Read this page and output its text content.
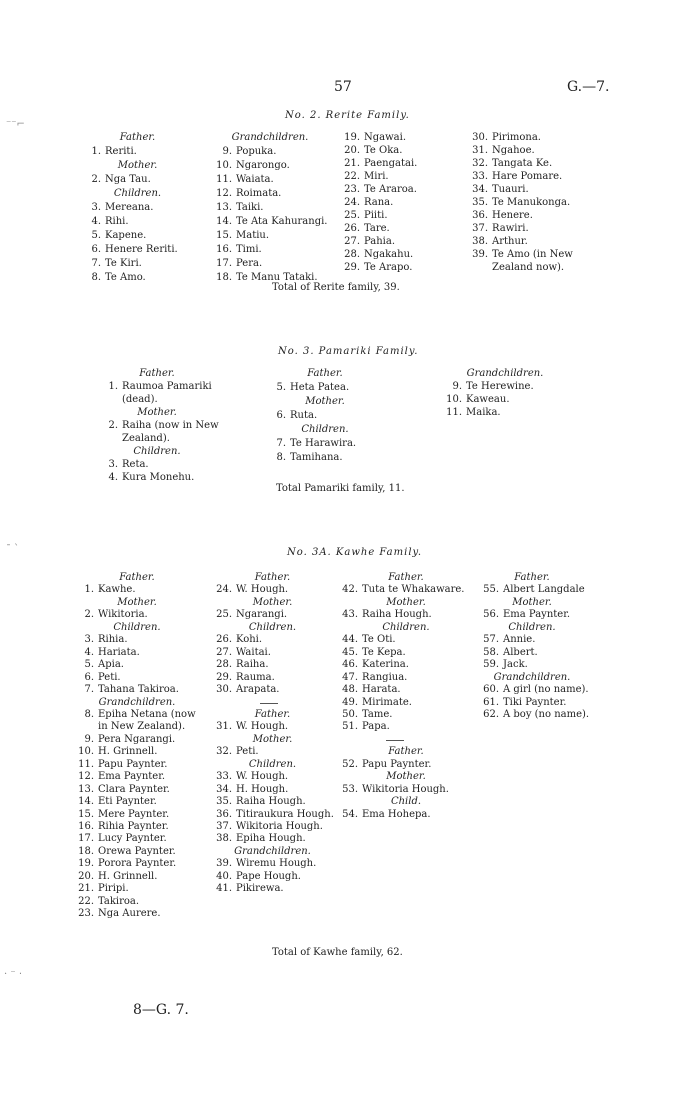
57	G.—7.
⁻⁻⌐
ˉ ˋ
· ⁻ ‧
No. 2. Rerite Family.
Father.
1. Reriti.
Mother.
2. Nga Tau.
Children.
3. Mereana.
4. Rihi.
5. Kapene.
6. Henere Reriti.
7. Te Kiri.
8. Te Amo.
Grandchildren.
9. Popuka.
10. Ngarongo.
11. Waiata.
12. Roimata.
13. Taiki.
14. Te Ata Kahurangi.
15. Matiu.
16. Timi.
17. Pera.
18. Te Manu Tataki.
19. Ngawai.
20. Te Oka.
21. Paengatai.
22. Miri.
23. Te Araroa.
24. Rana.
25. Piiti.
26. Tare.
27. Pahia.
28. Ngakahu.
29. Te Arapo.
30. Pirimona.
31. Ngahoe.
32. Tangata Ke.
33. Hare Pomare.
34. Tuauri.
35. Te Manukonga.
36. Henere.
37. Rawiri.
38. Arthur.
39. Te Amo (in New
Zealand now).
Total of Rerite family, 39.
No. 3. Pamariki Family.
Father.
1. Raumoa Pamariki
(dead).
Mother.
2. Raiha (now in New
Zealand).
Children.
3. Reta.
4. Kura Monehu.
Father.
5. Heta Patea.
Mother.
6. Ruta.
Children.
7. Te Harawira.
8. Tamihana.
Grandchildren.
9. Te Herewine.
10. Kaweau.
11. Maika.
Total Pamariki family, 11.
No. 3A. Kawhe Family.
Father.
1. Kawhe.
Mother.
2. Wikitoria.
Children.
3. Rihia.
4. Hariata.
5. Apia.
6. Peti.
7. Tahana Takiroa.
Grandchildren.
8. Epiha Netana (now
in New Zealand).
9. Pera Ngarangi.
10. H. Grinnell.
11. Papu Paynter.
12. Ema Paynter.
13. Clara Paynter.
14. Eti Paynter.
15. Mere Paynter.
16. Rihia Paynter.
17. Lucy Paynter.
18. Orewa Paynter.
19. Porora Paynter.
20. H. Grinnell.
21. Piripi.
22. Takiroa.
23. Nga Aurere.
Father.
24. W. Hough.
Mother.
25. Ngarangi.
Children.
26. Kohi.
27. Waitai.
28. Raiha.
29. Rauma.
30. Arapata.
Father.
31. W. Hough.
Mother.
32. Peti.
Children.
33. W. Hough.
34. H. Hough.
35. Raiha Hough.
36. Titiraukura Hough.
37. Wikitoria Hough.
38. Epiha Hough.
Grandchildren.
39. Wiremu Hough.
40. Pape Hough.
41. Pikirewa.
Father.
42. Tuta te Whakaware.
Mother.
43. Raiha Hough.
Children.
44. Te Oti.
45. Te Kepa.
46. Katerina.
47. Rangiua.
48. Harata.
49. Mirimate.
50. Tame.
51. Papa.
Father.
52. Papu Paynter.
Mother.
53. Wikitoria Hough.
Child.
54. Ema Hohepa.
Father.
55. Albert Langdale
Mother.
56. Ema Paynter.
Children.
57. Annie.
58. Albert.
59. Jack.
Grandchildren.
60. A girl (no name).
61. Tiki Paynter.
62. A boy (no name).
Total of Kawhe family, 62.
8—G. 7.
